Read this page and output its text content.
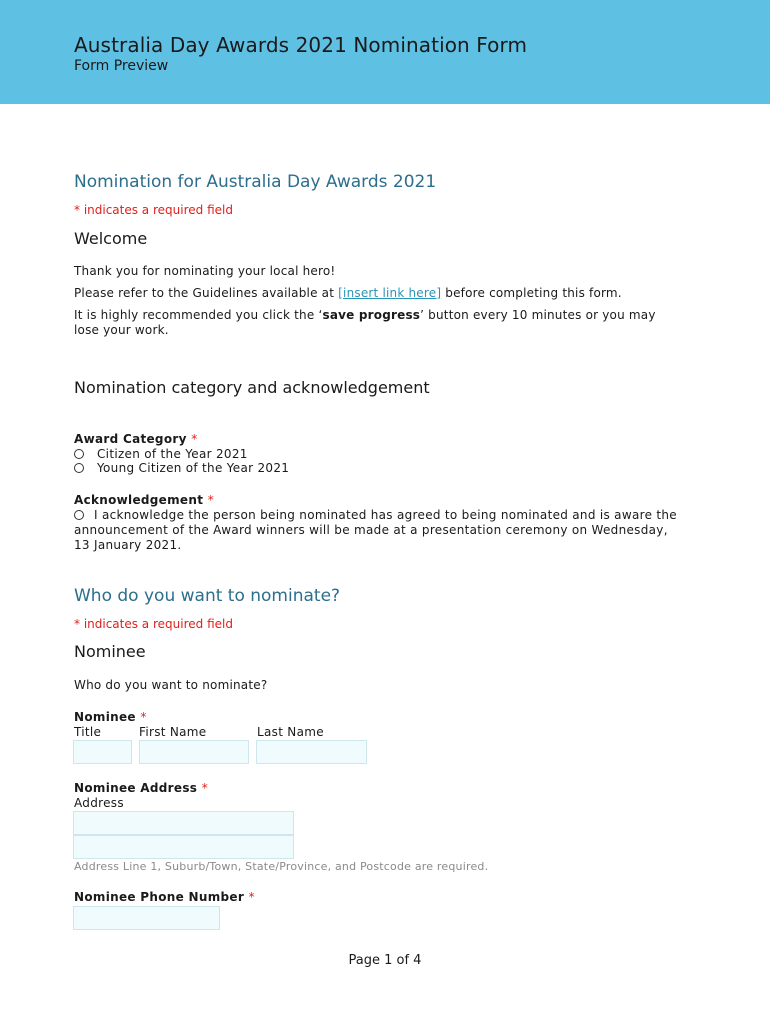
Australia Day Awards 2021 Nomination Form
Form Preview
Nomination for Australia Day Awards 2021
* indicates a required field
Welcome
Thank you for nominating your local hero!
Please refer to the Guidelines available at [insert link here] before completing this form.
It is highly recommended you click the ‘save progress’ button every 10 minutes or you may lose your work.
Nomination category and acknowledgement
Award Category *
Citizen of the Year 2021
Young Citizen of the Year 2021
Acknowledgement *
I acknowledge the person being nominated has agreed to being nominated and is aware the announcement of the Award winners will be made at a presentation ceremony on Wednesday, 13 January 2021.
Who do you want to nominate?
* indicates a required field
Nominee
Who do you want to nominate?
Nominee *
Title	First Name	Last Name
Nominee Address *
Address
Address Line 1, Suburb/Town, State/Province, and Postcode are required.
Nominee Phone Number *
Page 1 of 4
